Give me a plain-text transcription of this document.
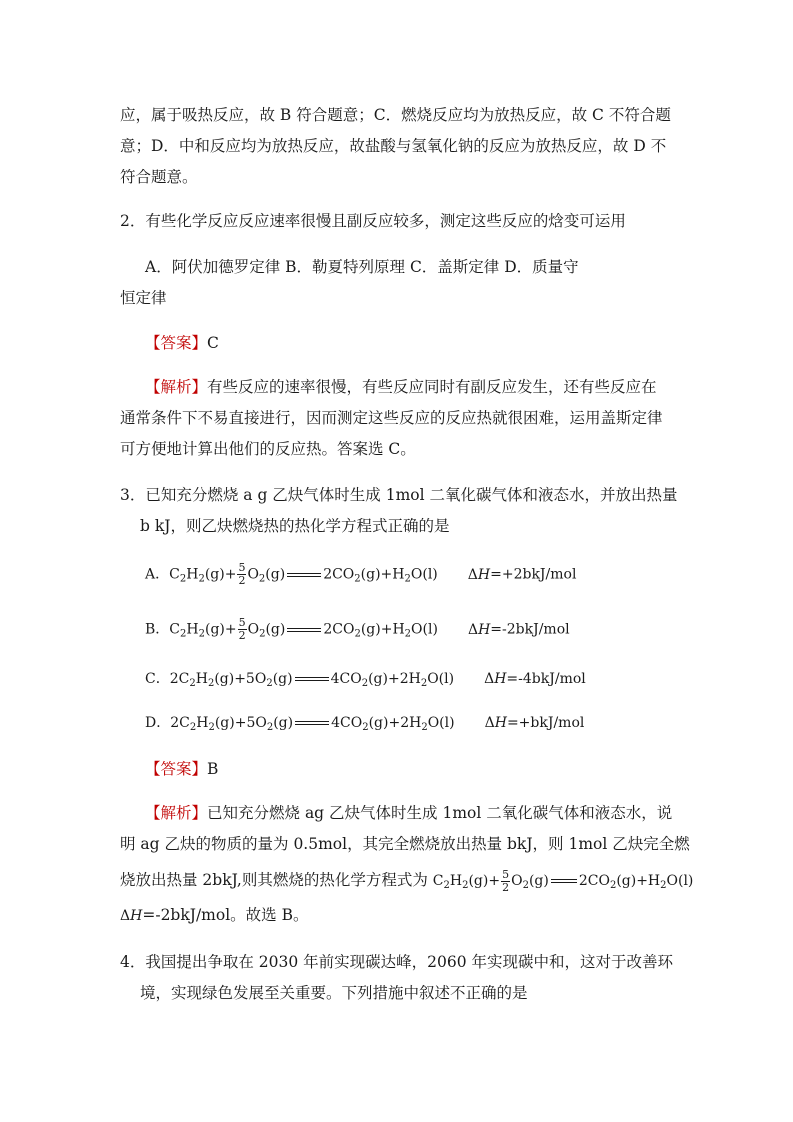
应，属于吸热反应，故 B 符合题意；C．燃烧反应均为放热反应，故 C 不符合题
意；D．中和反应均为放热反应，故盐酸与氢氧化钠的反应为放热反应，故 D 不
符合题意。
2．有些化学反应反应速率很慢且副反应较多，测定这些反应的焓变可运用
A．阿伏加德罗定律 B．勒夏特列原理 C．盖斯定律 D．质量守
恒定律
【答案】C
【解析】有些反应的速率很慢，有些反应同时有副反应发生，还有些反应在
通常条件下不易直接进行，因而测定这些反应的反应热就很困难，运用盖斯定律
可方便地计算出他们的反应热。答案选 C。
3．已知充分燃烧 a g 乙炔气体时生成 1mol 二氧化碳气体和液态水，并放出热量
b kJ，则乙炔燃烧热的热化学方程式正确的是
A．$C_2H_2(g)+ \frac{5}{2} O_2(g)$	$2CO_2(g)+H_2O(l)$ ΔH=+2bkJ/mol
B．$C_2H_2(g)+ \frac{5}{2} O_2(g)$	$2CO_2(g)+H_2O(l)$ ΔH=-2bkJ/mol
C．$2C_2H_2(g)+5O_2(g)$	$4CO_2(g)+2H_2O(l)$ ΔH=-4bkJ/mol
D．$2C_2H_2(g)+5O_2(g)$	$4CO_2(g)+2H_2O(l)$ ΔH=+bkJ/mol
【答案】B
【解析】已知充分燃烧 ag 乙炔气体时生成 1mol 二氧化碳气体和液态水，说
明 ag 乙炔的物质的量为 0.5mol，其完全燃烧放出热量 bkJ，则 1mol 乙炔完全燃
烧放出热量 2bkJ,则其燃烧的热化学方程式为 $C_2H_2(g)+ \frac{5}{2} O_2(g)$ $2CO_2(g)+H_2O(l)$
ΔH=-2bkJ/mol。故选 B。
4．我国提出争取在 2030 年前实现碳达峰，2060 年实现碳中和，这对于改善环
境，实现绿色发展至关重要。下列措施中叙述不正确的是
